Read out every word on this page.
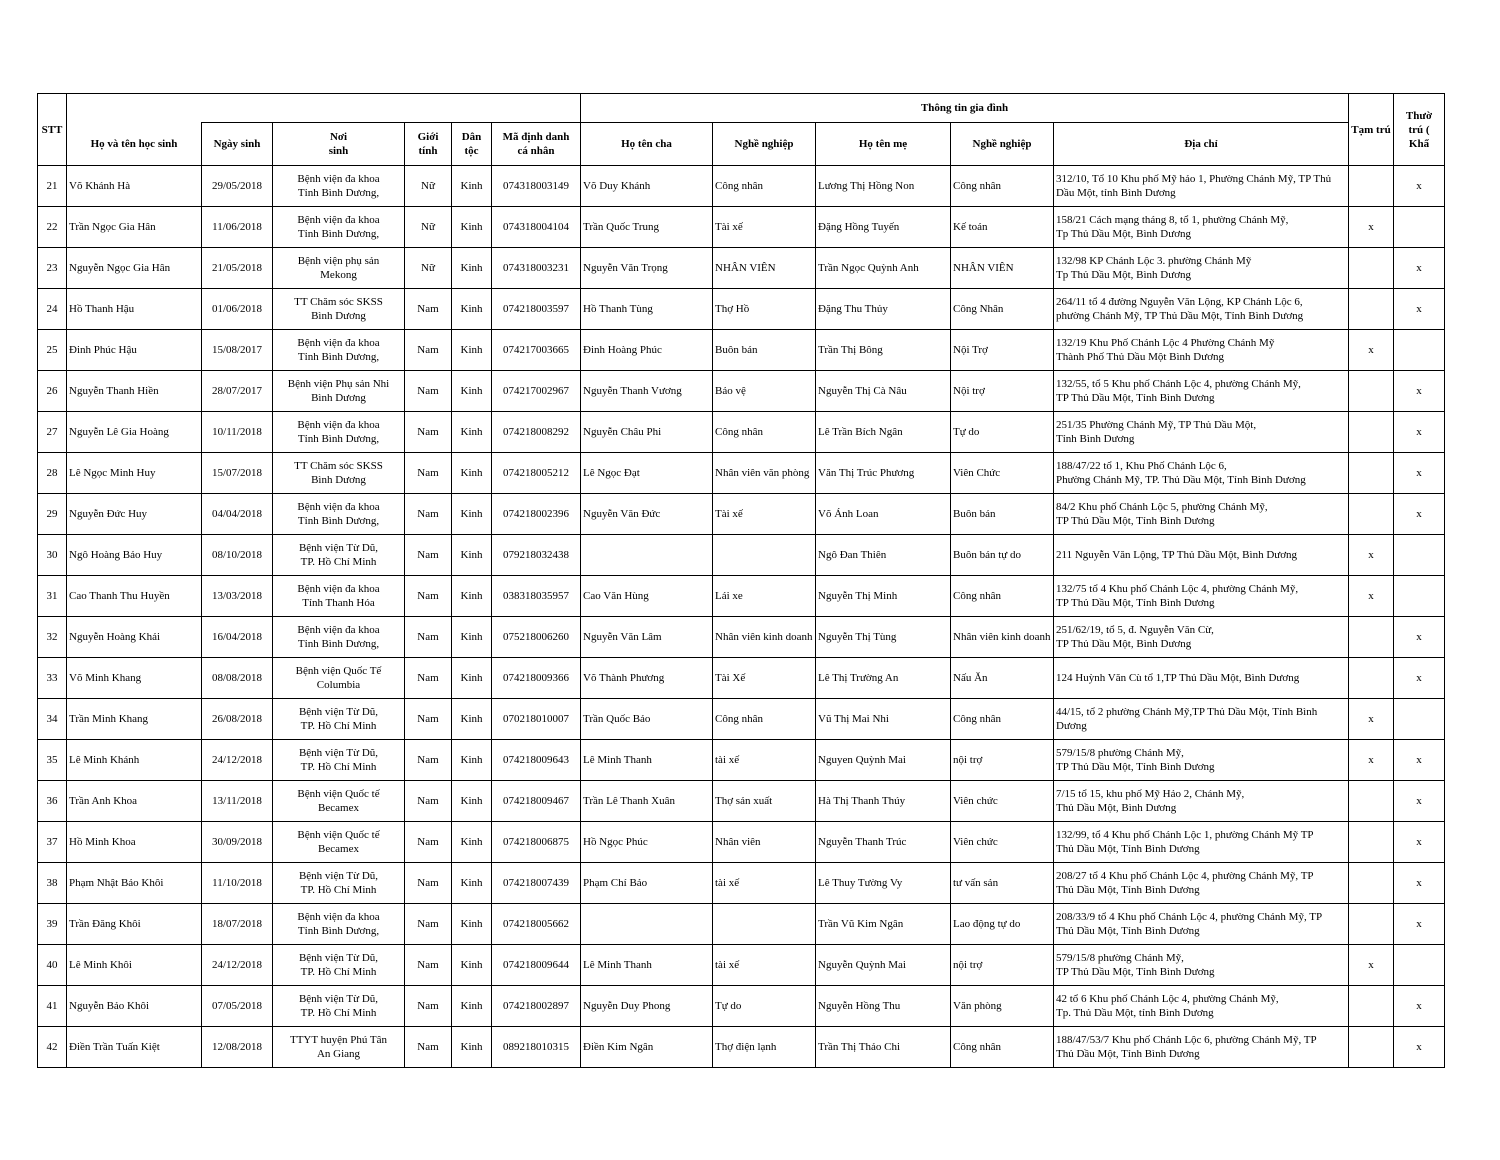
STT							Thông tin gia đình					Tạm trú	Thườ
trú (
Khẩ
	Họ và tên học sinh	Ngày sinh	Nơi
sinh	Giới
tính	Dân
tộc	Mã định danh
cá nhân	Họ tên cha	Nghề nghiệp	Họ tên mẹ	Nghề nghiệp	Địa chỉ		
21	Võ Khánh Hà	29/05/2018	Bệnh viện đa khoa
Tỉnh Bình Dương,	Nữ	Kinh	074318003149	Võ Duy Khánh	Công nhân	Lương Thị Hồng Non	Công nhân	312/10, Tổ 10 Khu phố Mỹ hảo 1, Phường Chánh Mỹ, TP Thủ
Dầu Một, tỉnh Bình Dương		x
22	Trần Ngọc Gia Hân	11/06/2018	Bệnh viện đa khoa
Tỉnh Bình Dương,	Nữ	Kinh	074318004104	Trần Quốc Trung	Tài xế	Đặng Hồng Tuyến	Kế toán	158/21 Cách mạng tháng 8, tổ 1, phường Chánh Mỹ,
Tp Thủ Dầu Một, Bình Dương	x	
23	Nguyễn Ngọc Gia Hân	21/05/2018	Bệnh viện phụ sản
Mekong	Nữ	Kinh	074318003231	Nguyễn Văn Trọng	NHÂN VIÊN	Trần Ngọc Quỳnh Anh	NHÂN VIÊN	132/98 KP Chánh Lộc 3. phường Chánh Mỹ
Tp Thủ Dầu Một, Bình Dương		x
24	Hồ Thanh Hậu	01/06/2018	TT Chăm sóc SKSS
Bình Dương	Nam	Kinh	074218003597	Hồ Thanh Tùng	Thợ Hồ	Đặng Thu Thủy	Công Nhân	264/11 tổ 4 đường Nguyễn Văn Lộng, KP Chánh Lộc 6,
phường Chánh Mỹ, TP Thủ Dầu Một, Tỉnh Bình Dương		x
25	Đinh Phúc Hậu	15/08/2017	Bệnh viện đa khoa
Tỉnh Bình Dương,	Nam	Kinh	074217003665	Đinh Hoàng Phúc	Buôn bán	Trần Thị Bông	Nội Trợ	132/19 Khu Phố Chánh Lộc 4 Phường Chánh Mỹ
Thành Phố Thủ Dầu Một Bình Dương	x	
26	Nguyễn Thanh Hiền	28/07/2017	Bệnh viện Phụ sản Nhi
Bình Dương	Nam	Kinh	074217002967	Nguyễn Thanh Vương	Bảo vệ	Nguyễn Thị Cà Nâu	Nội trợ	132/55, tổ 5 Khu phố Chánh Lộc 4, phường Chánh Mỹ,
TP Thủ Dầu Một, Tỉnh Bình Dương		x
27	Nguyễn Lê Gia Hoàng	10/11/2018	Bệnh viện đa khoa
Tỉnh Bình Dương,	Nam	Kinh	074218008292	Nguyễn Châu Phi	Công nhân	Lê Trần Bích Ngân	Tự do	251/35 Phường Chánh Mỹ, TP Thủ Dầu Một,
Tỉnh Bình Dương		x
28	Lê Ngọc Minh Huy	15/07/2018	TT Chăm sóc SKSS
Bình Dương	Nam	Kinh	074218005212	Lê Ngọc Đạt	Nhân viên văn phòng	Văn Thị Trúc Phương	Viên Chức	188/47/22 tổ 1, Khu Phố Chánh Lộc 6,
Phường Chánh Mỹ, TP. Thủ Dầu Một, Tỉnh Bình Dương		x
29	Nguyễn Đức Huy	04/04/2018	Bệnh viện đa khoa
Tỉnh Bình Dương,	Nam	Kinh	074218002396	Nguyễn Văn Đức	Tài xế	Võ Ánh Loan	Buôn bán	84/2 Khu phố Chánh Lộc 5, phường Chánh Mỹ,
TP Thủ Dầu Một, Tỉnh Bình Dương		x
30	Ngô Hoàng Bảo Huy	08/10/2018	Bệnh viện Từ Dũ,
TP. Hồ Chí Minh	Nam	Kinh	079218032438			Ngô Đan Thiên	Buôn bán tự do	211 Nguyễn Văn Lộng, TP Thủ Dầu Một, Bình Dương	x	
31	Cao Thanh Thu Huyền	13/03/2018	Bệnh viện đa khoa
Tỉnh Thanh Hóa	Nam	Kinh	038318035957	Cao Văn Hùng	Lái xe	Nguyễn Thị Minh	Công nhân	132/75 tổ 4 Khu phố Chánh Lộc 4, phường Chánh Mỹ,
TP Thủ Dầu Một, Tỉnh Bình Dương	x	
32	Nguyễn Hoàng Khải	16/04/2018	Bệnh viện đa khoa
Tỉnh Bình Dương,	Nam	Kinh	075218006260	Nguyễn Văn Lâm	Nhân viên kinh doanh	Nguyễn Thị Tùng	Nhân viên kinh doanh	251/62/19, tổ 5, đ. Nguyễn Văn Cừ,
TP Thủ Dầu Một, Bình Dương		x
33	Võ Minh Khang	08/08/2018	Bệnh viện Quốc Tế
Columbia	Nam	Kinh	074218009366	Võ Thành Phương	Tài Xế	Lê Thị Trường An	Nấu Ăn	124 Huỳnh Văn Cù tổ 1,TP Thủ Dầu Một, Bình Dương		x
34	Trần Minh Khang	26/08/2018	Bệnh viện Từ Dũ,
TP. Hồ Chí Minh	Nam	Kinh	070218010007	Trần Quốc Bảo	Công nhân	Vũ Thị Mai Nhi	Công nhân	44/15, tổ 2 phường Chánh Mỹ,TP Thủ Dầu Một, Tỉnh Bình
Dương	x	
35	Lê Minh Khánh	24/12/2018	Bệnh viện Từ Dũ,
TP. Hồ Chí Minh	Nam	Kinh	074218009643	Lê Minh Thanh	tài xế	Nguyen Quỳnh Mai	nội trợ	579/15/8 phường Chánh Mỹ,
TP Thủ Dầu Một, Tỉnh Bình Dương	x	x
36	Trần Anh Khoa	13/11/2018	Bệnh viện Quốc tế
Becamex	Nam	Kinh	074218009467	Trần Lê Thanh Xuân	Thợ sản xuất	Hà Thị Thanh Thúy	Viên chức	7/15 tổ 15, khu phố Mỹ Hảo 2, Chánh Mỹ,
Thủ Dầu Một, Bình Dương		x
37	Hồ Minh Khoa	30/09/2018	Bệnh viện Quốc tế
Becamex	Nam	Kinh	074218006875	Hồ Ngọc Phúc	Nhân viên	Nguyễn Thanh Trúc	Viên chức	132/99, tổ 4 Khu phố Chánh Lộc 1, phường Chánh Mỹ TP
Thủ Dầu Một, Tỉnh Bình Dương		x
38	Phạm Nhật Bảo Khôi	11/10/2018	Bệnh viện Từ Dũ,
TP. Hồ Chí Minh	Nam	Kinh	074218007439	Phạm Chí Bảo	tài xế	Lê Thuy Tường Vy	tư vấn sản	208/27 tổ 4 Khu phố Chánh Lộc 4, phường Chánh Mỹ, TP
Thủ Dầu Một, Tỉnh Bình Dương		x
39	Trần Đăng Khôi	18/07/2018	Bệnh viện đa khoa
Tỉnh Bình Dương,	Nam	Kinh	074218005662			Trần Vũ Kim Ngân	Lao động tự do	208/33/9 tổ 4 Khu phố Chánh Lộc 4, phường Chánh Mỹ, TP
Thủ Dầu Một, Tỉnh Bình Dương		x
40	Lê Minh Khôi	24/12/2018	Bệnh viện Từ Dũ,
TP. Hồ Chí Minh	Nam	Kinh	074218009644	Lê Minh Thanh	tài xế	Nguyễn Quỳnh Mai	nội trợ	579/15/8 phường Chánh Mỹ,
TP Thủ Dầu Một, Tỉnh Bình Dương	x	
41	Nguyễn Bảo Khôi	07/05/2018	Bệnh viện Từ Dũ,
TP. Hồ Chí Minh	Nam	Kinh	074218002897	Nguyễn Duy Phong	Tự do	Nguyễn Hồng Thu	Văn phòng	42 tổ 6 Khu phố Chánh Lộc 4, phường Chánh Mỹ,
Tp. Thủ Dầu Một, tỉnh Bình Dương		x
42	Điền Trần Tuấn Kiệt	12/08/2018	TTYT huyện Phú Tân
An Giang	Nam	Kinh	089218010315	Điền Kim Ngân	Thợ điện lạnh	Trần Thị Thảo Chi	Công nhân	188/47/53/7 Khu phố Chánh Lộc 6, phường Chánh Mỹ, TP
Thủ Dầu Một, Tỉnh Bình Dương		x
